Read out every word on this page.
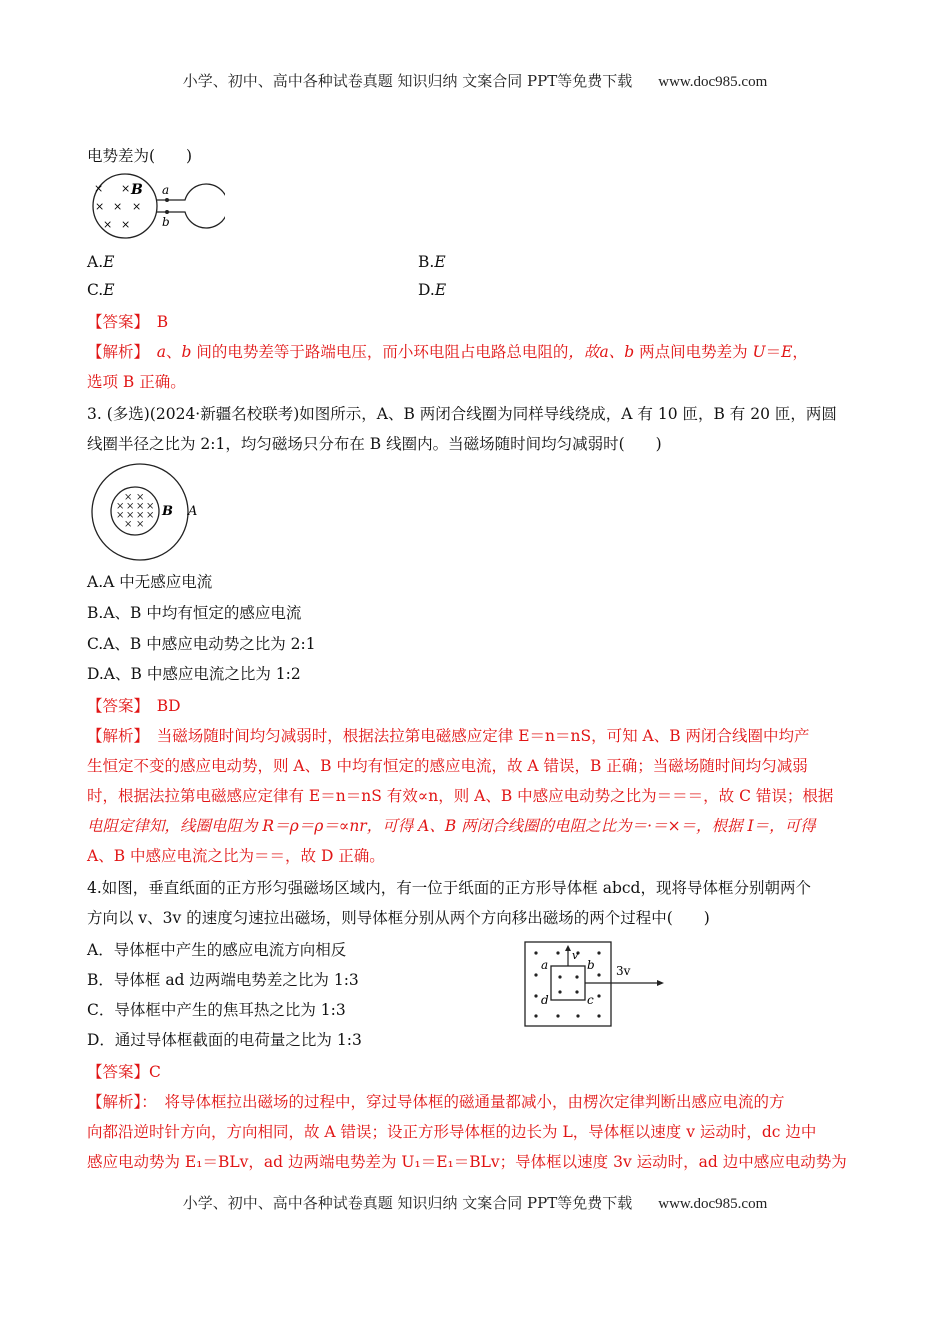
小学、初中、高中各种试卷真题 知识归纳 文案合同 PPT等免费下载 www.doc985.com
电势差为(　　)
× ×
× × ×
× ×
B a
b
A.E	B.E
C.E	D.E
【答案】　 B
【解析】　 a、b 间的电势差等于路端电压，而小环电阻占电路总电阻的，故a、b 两点间电势差为 U＝E，
选项 B 正确。
3. (多选)(2024·新疆名校联考)如图所示，A、B 两闭合线圈为同样导线绕成，A 有 10 匝，B 有 20 匝，两圆
线圈半径之比为 2:1，均匀磁场只分布在 B 线圈内。当磁场随时间均匀减弱时(　　)
× ×
× × × ×
× × × ×
× ×
B A
A.A 中无感应电流
B.A、B 中均有恒定的感应电流
C.A、B 中感应电动势之比为 2:1
D.A、B 中感应电流之比为 1:2
【答案】　 BD
【解析】　 当磁场随时间均匀减弱时，根据法拉第电磁感应定律 E＝n＝nS，可知 A、B 两闭合线圈中均产
生恒定不变的感应电动势，则 A、B 中均有恒定的感应电流，故 A 错误，B 正确；当磁场随时间均匀减弱
时，根据法拉第电磁感应定律有 E＝n＝nS 有效∝n，则 A、B 中感应电动势之比为＝＝＝，故 C 错误；根据
电阻定律知，线圈电阻为 R＝ρ＝ρ＝∝nr，可得 A、B 两闭合线圈的电阻之比为＝·＝×＝，根据 I＝，可得
A、B 中感应电流之比为＝＝，故 D 正确。
4.如图，垂直纸面的正方形匀强磁场区域内，有一位于纸面的正方形导体框 abcd，现将导体框分别朝两个
方向以 v、3v 的速度匀速拉出磁场，则导体框分别从两个方向移出磁场的两个过程中(　　)
A．导体框中产生的感应电流方向相反
B．导体框 ad 边两端电势差之比为 1:3
C．导体框中产生的焦耳热之比为 1:3
D．通过导体框截面的电荷量之比为 1:3
v
a	b
c
d
3v
【答案】C
【解析】：　 将导体框拉出磁场的过程中，穿过导体框的磁通量都减小，由楞次定律判断出感应电流的方
向都沿逆时针方向，方向相同，故 A 错误；设正方形导体框的边长为 L，导体框以速度 v 运动时，dc 边中
感应电动势为 E₁＝BLv，ad 边两端电势差为 U₁＝E₁＝BLv；导体框以速度 3v 运动时，ad 边中感应电动势为
小学、初中、高中各种试卷真题 知识归纳 文案合同 PPT等免费下载 www.doc985.com
